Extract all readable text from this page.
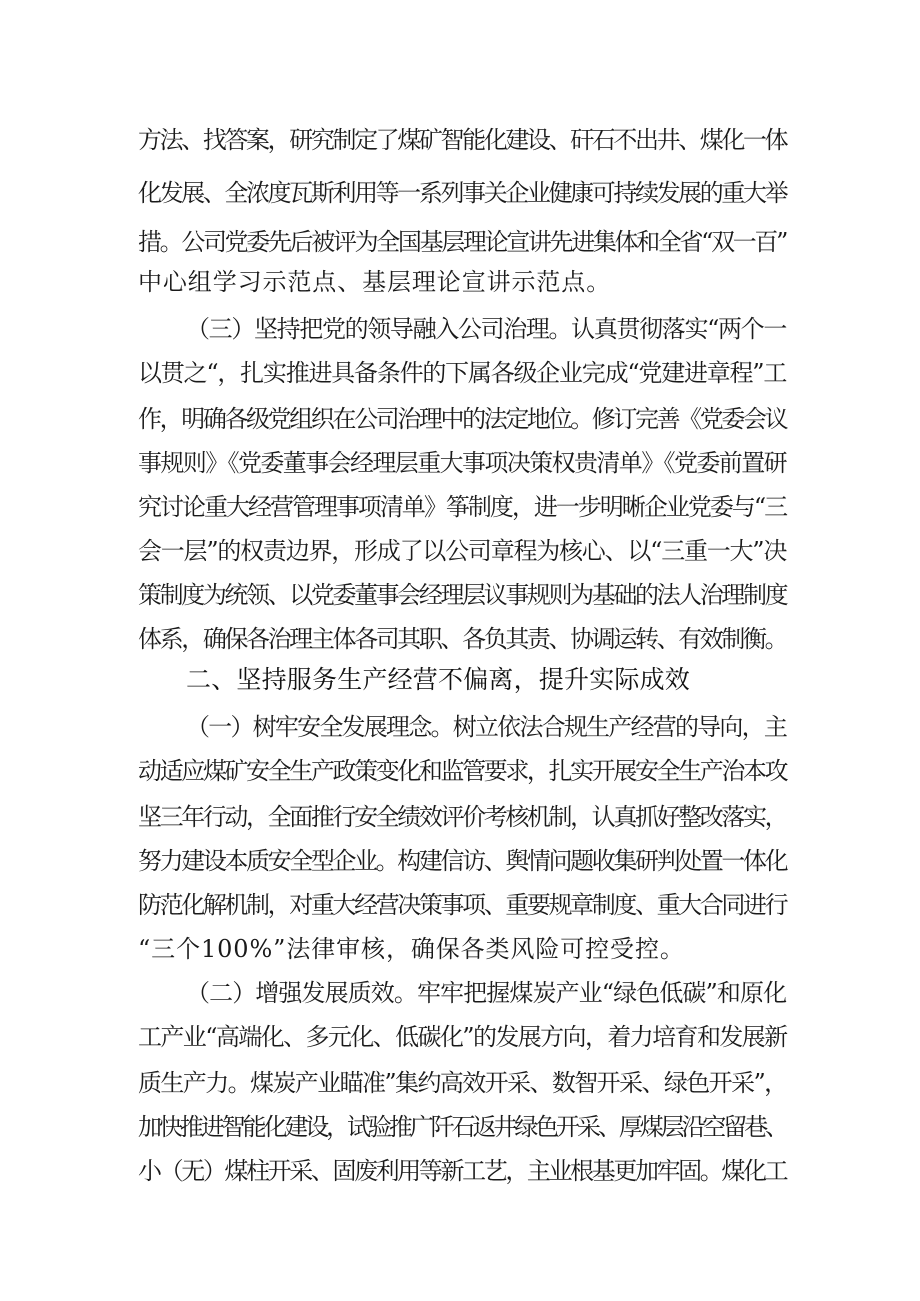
方法、找答案，研究制定了煤矿智能化建设、矸石不出井、煤化一体
化发展、全浓度瓦斯利用等一系列事关企业健康可持续发展的重大举
措。公司党委先后被评为全国基层理论宣讲先进集体和全省“双一百”
中心组学习示范点、基层理论宣讲示范点。
（三）坚持把党的领导融入公司治理。认真贯彻落实“两个一
以贯之“，扎实推进具备条件的下属各级企业完成“党建进章程”工
作，明确各级党组织在公司治理中的法定地位。修订完善《党委会议
事规则》《党委董事会经理层重大事项决策权贵清单》《党委前置研
究讨论重大经营管理事项清单》筝制度，进一步明晰企业党委与“三
会一层”的权责边界，形成了以公司章程为核心、以“三重一大”决
策制度为统领、以党委董事会经理层议事规则为基础的法人治理制度
体系，确保各治理主体各司其职、各负其责、协调运转、有效制衡。
二、坚持服务生产经营不偏离，提升实际成效
（一）树牢安全发展理念。树立依法合规生产经营的导向，主
动适应煤矿安全生产政策变化和监管要求，扎实开展安全生产治本攻
坚三年行动，全面推行安全绩效评价考核机制，认真抓好整改落实，
努力建设本质安全型企业。构建信访、舆情问题收集研判处置一体化
防范化解机制，对重大经营决策事项、重要规章制度、重大合同进行
“三个100%”法律审核，确保各类风险可控受控。
（二）增强发展质效。牢牢把握煤炭产业“绿色低碳”和原化
工产业“高端化、多元化、低碳化”的发展方向，着力培育和发展新
质生产力。煤炭产业瞄准”集约高效开采、数智开采、绿色开采”，
加快推进智能化建设，试验推广阡石返井绿色开采、厚煤层沿空留巷、
小（无）煤柱开采、固废利用等新工艺，主业根基更加牢固。煤化工
